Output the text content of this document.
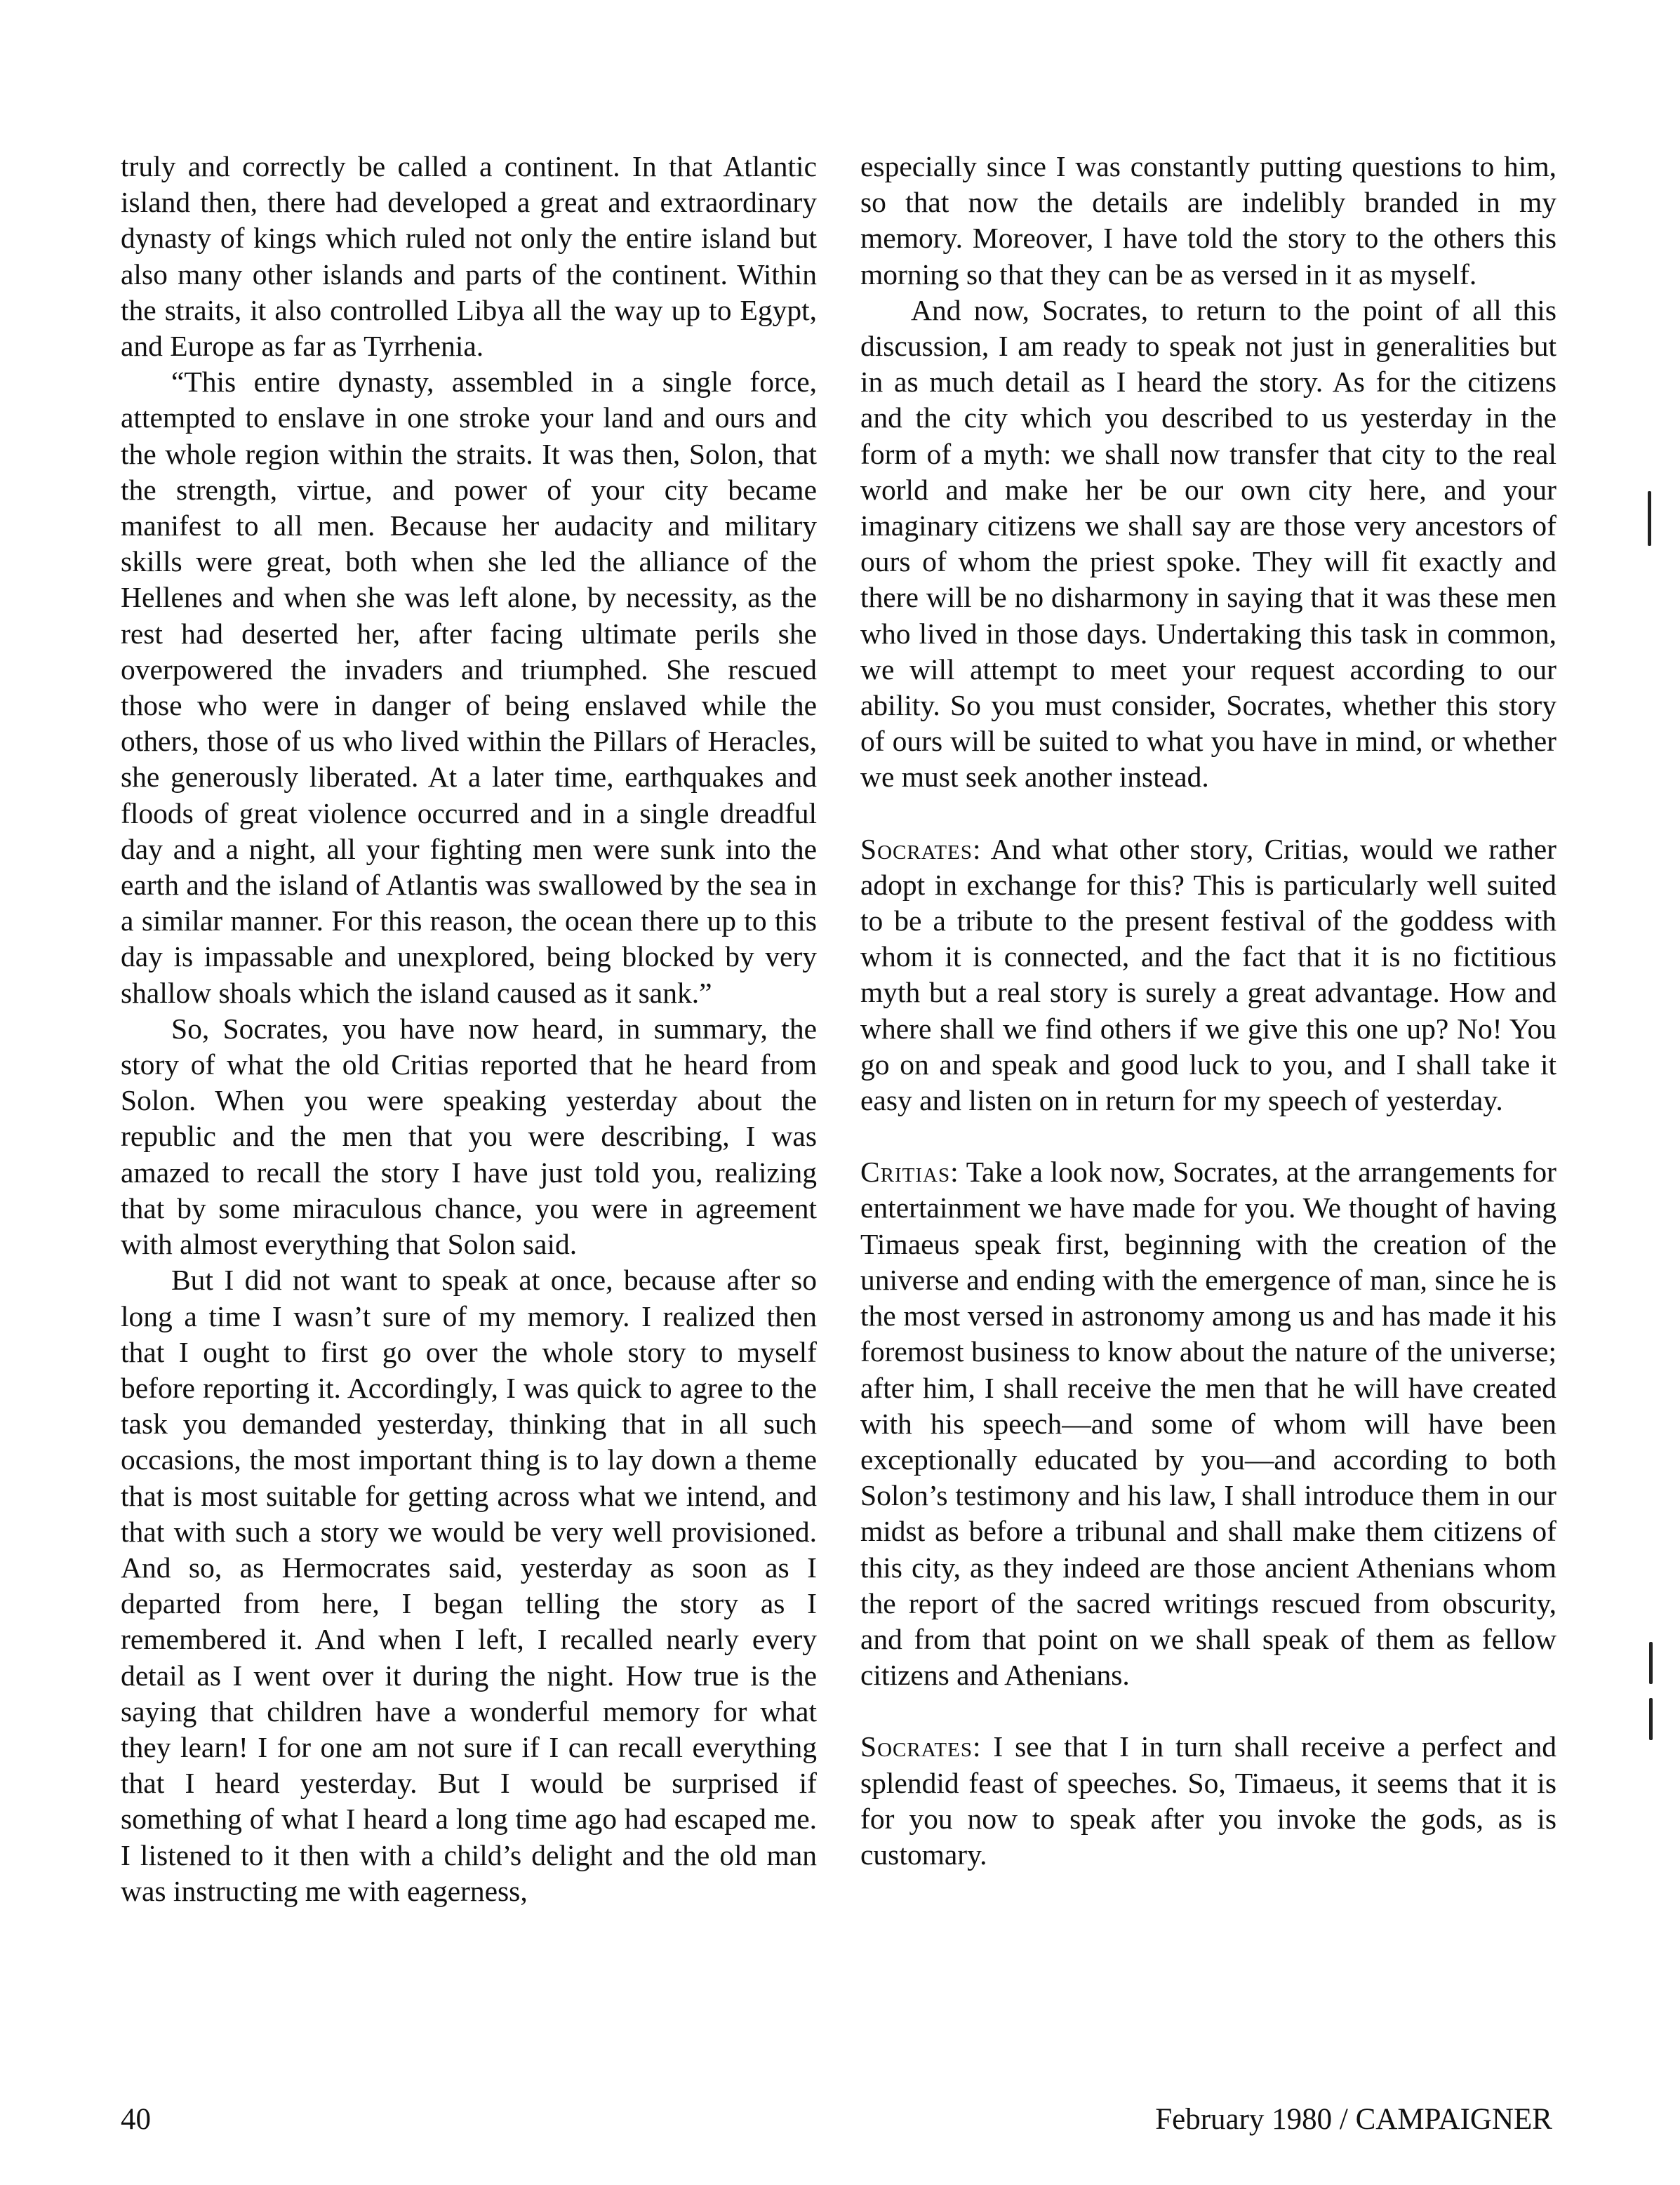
truly and correctly be called a continent. In that Atlantic island then, there had developed a great and extraordinary dynasty of kings which ruled not only the entire island but also many other islands and parts of the continent. Within the straits, it also controlled Libya all the way up to Egypt, and Europe as far as Tyrrhenia.

“This entire dynasty, assembled in a single force, attempted to enslave in one stroke your land and ours and the whole region within the straits. It was then, Solon, that the strength, virtue, and power of your city became manifest to all men. Because her audacity and military skills were great, both when she led the alliance of the Hellenes and when she was left alone, by necessity, as the rest had deserted her, after facing ultimate perils she overpowered the invaders and triumphed. She rescued those who were in danger of being enslaved while the others, those of us who lived within the Pillars of Heracles, she generously liberated. At a later time, earthquakes and floods of great violence occurred and in a single dreadful day and a night, all your fighting men were sunk into the earth and the island of Atlantis was swallowed by the sea in a similar manner. For this reason, the ocean there up to this day is impassable and unexplored, being blocked by very shallow shoals which the island caused as it sank.”

So, Socrates, you have now heard, in summary, the story of what the old Critias reported that he heard from Solon. When you were speaking yesterday about the republic and the men that you were describing, I was amazed to recall the story I have just told you, realizing that by some miraculous chance, you were in agreement with almost everything that Solon said.

But I did not want to speak at once, because after so long a time I wasn’t sure of my memory. I realized then that I ought to first go over the whole story to myself before reporting it. Accordingly, I was quick to agree to the task you demanded yesterday, thinking that in all such occasions, the most important thing is to lay down a theme that is most suitable for getting across what we intend, and that with such a story we would be very well provisioned. And so, as Hermocrates said, yesterday as soon as I departed from here, I began telling the story as I remembered it. And when I left, I recalled nearly every detail as I went over it during the night. How true is the saying that children have a wonderful memory for what they learn! I for one am not sure if I can recall everything that I heard yesterday. But I would be surprised if something of what I heard a long time ago had escaped me. I listened to it then with a child’s delight and the old man was instructing me with eagerness,

especially since I was constantly putting questions to him, so that now the details are indelibly branded in my memory. Moreover, I have told the story to the others this morning so that they can be as versed in it as myself.

And now, Socrates, to return to the point of all this discussion, I am ready to speak not just in generalities but in as much detail as I heard the story. As for the citizens and the city which you described to us yesterday in the form of a myth: we shall now transfer that city to the real world and make her be our own city here, and your imaginary citizens we shall say are those very ancestors of ours of whom the priest spoke. They will fit exactly and there will be no disharmony in saying that it was these men who lived in those days. Undertaking this task in common, we will attempt to meet your request according to our ability. So you must consider, Socrates, whether this story of ours will be suited to what you have in mind, or whether we must seek another instead.

Socrates: And what other story, Critias, would we rather adopt in exchange for this? This is particularly well suited to be a tribute to the present festival of the goddess with whom it is connected, and the fact that it is no fictitious myth but a real story is surely a great advantage. How and where shall we find others if we give this one up? No! You go on and speak and good luck to you, and I shall take it easy and listen on in return for my speech of yesterday.

Critias: Take a look now, Socrates, at the arrangements for entertainment we have made for you. We thought of having Timaeus speak first, beginning with the creation of the universe and ending with the emergence of man, since he is the most versed in astronomy among us and has made it his foremost business to know about the nature of the universe; after him, I shall receive the men that he will have created with his speech—and some of whom will have been exceptionally educated by you—and according to both Solon’s testimony and his law, I shall introduce them in our midst as before a tribunal and shall make them citizens of this city, as they indeed are those ancient Athenians whom the report of the sacred writings rescued from obscurity, and from that point on we shall speak of them as fellow citizens and Athenians.

Socrates: I see that I in turn shall receive a perfect and splendid feast of speeches. So, Timaeus, it seems that it is for you now to speak after you invoke the gods, as is customary.

40	February 1980 / CAMPAIGNER
